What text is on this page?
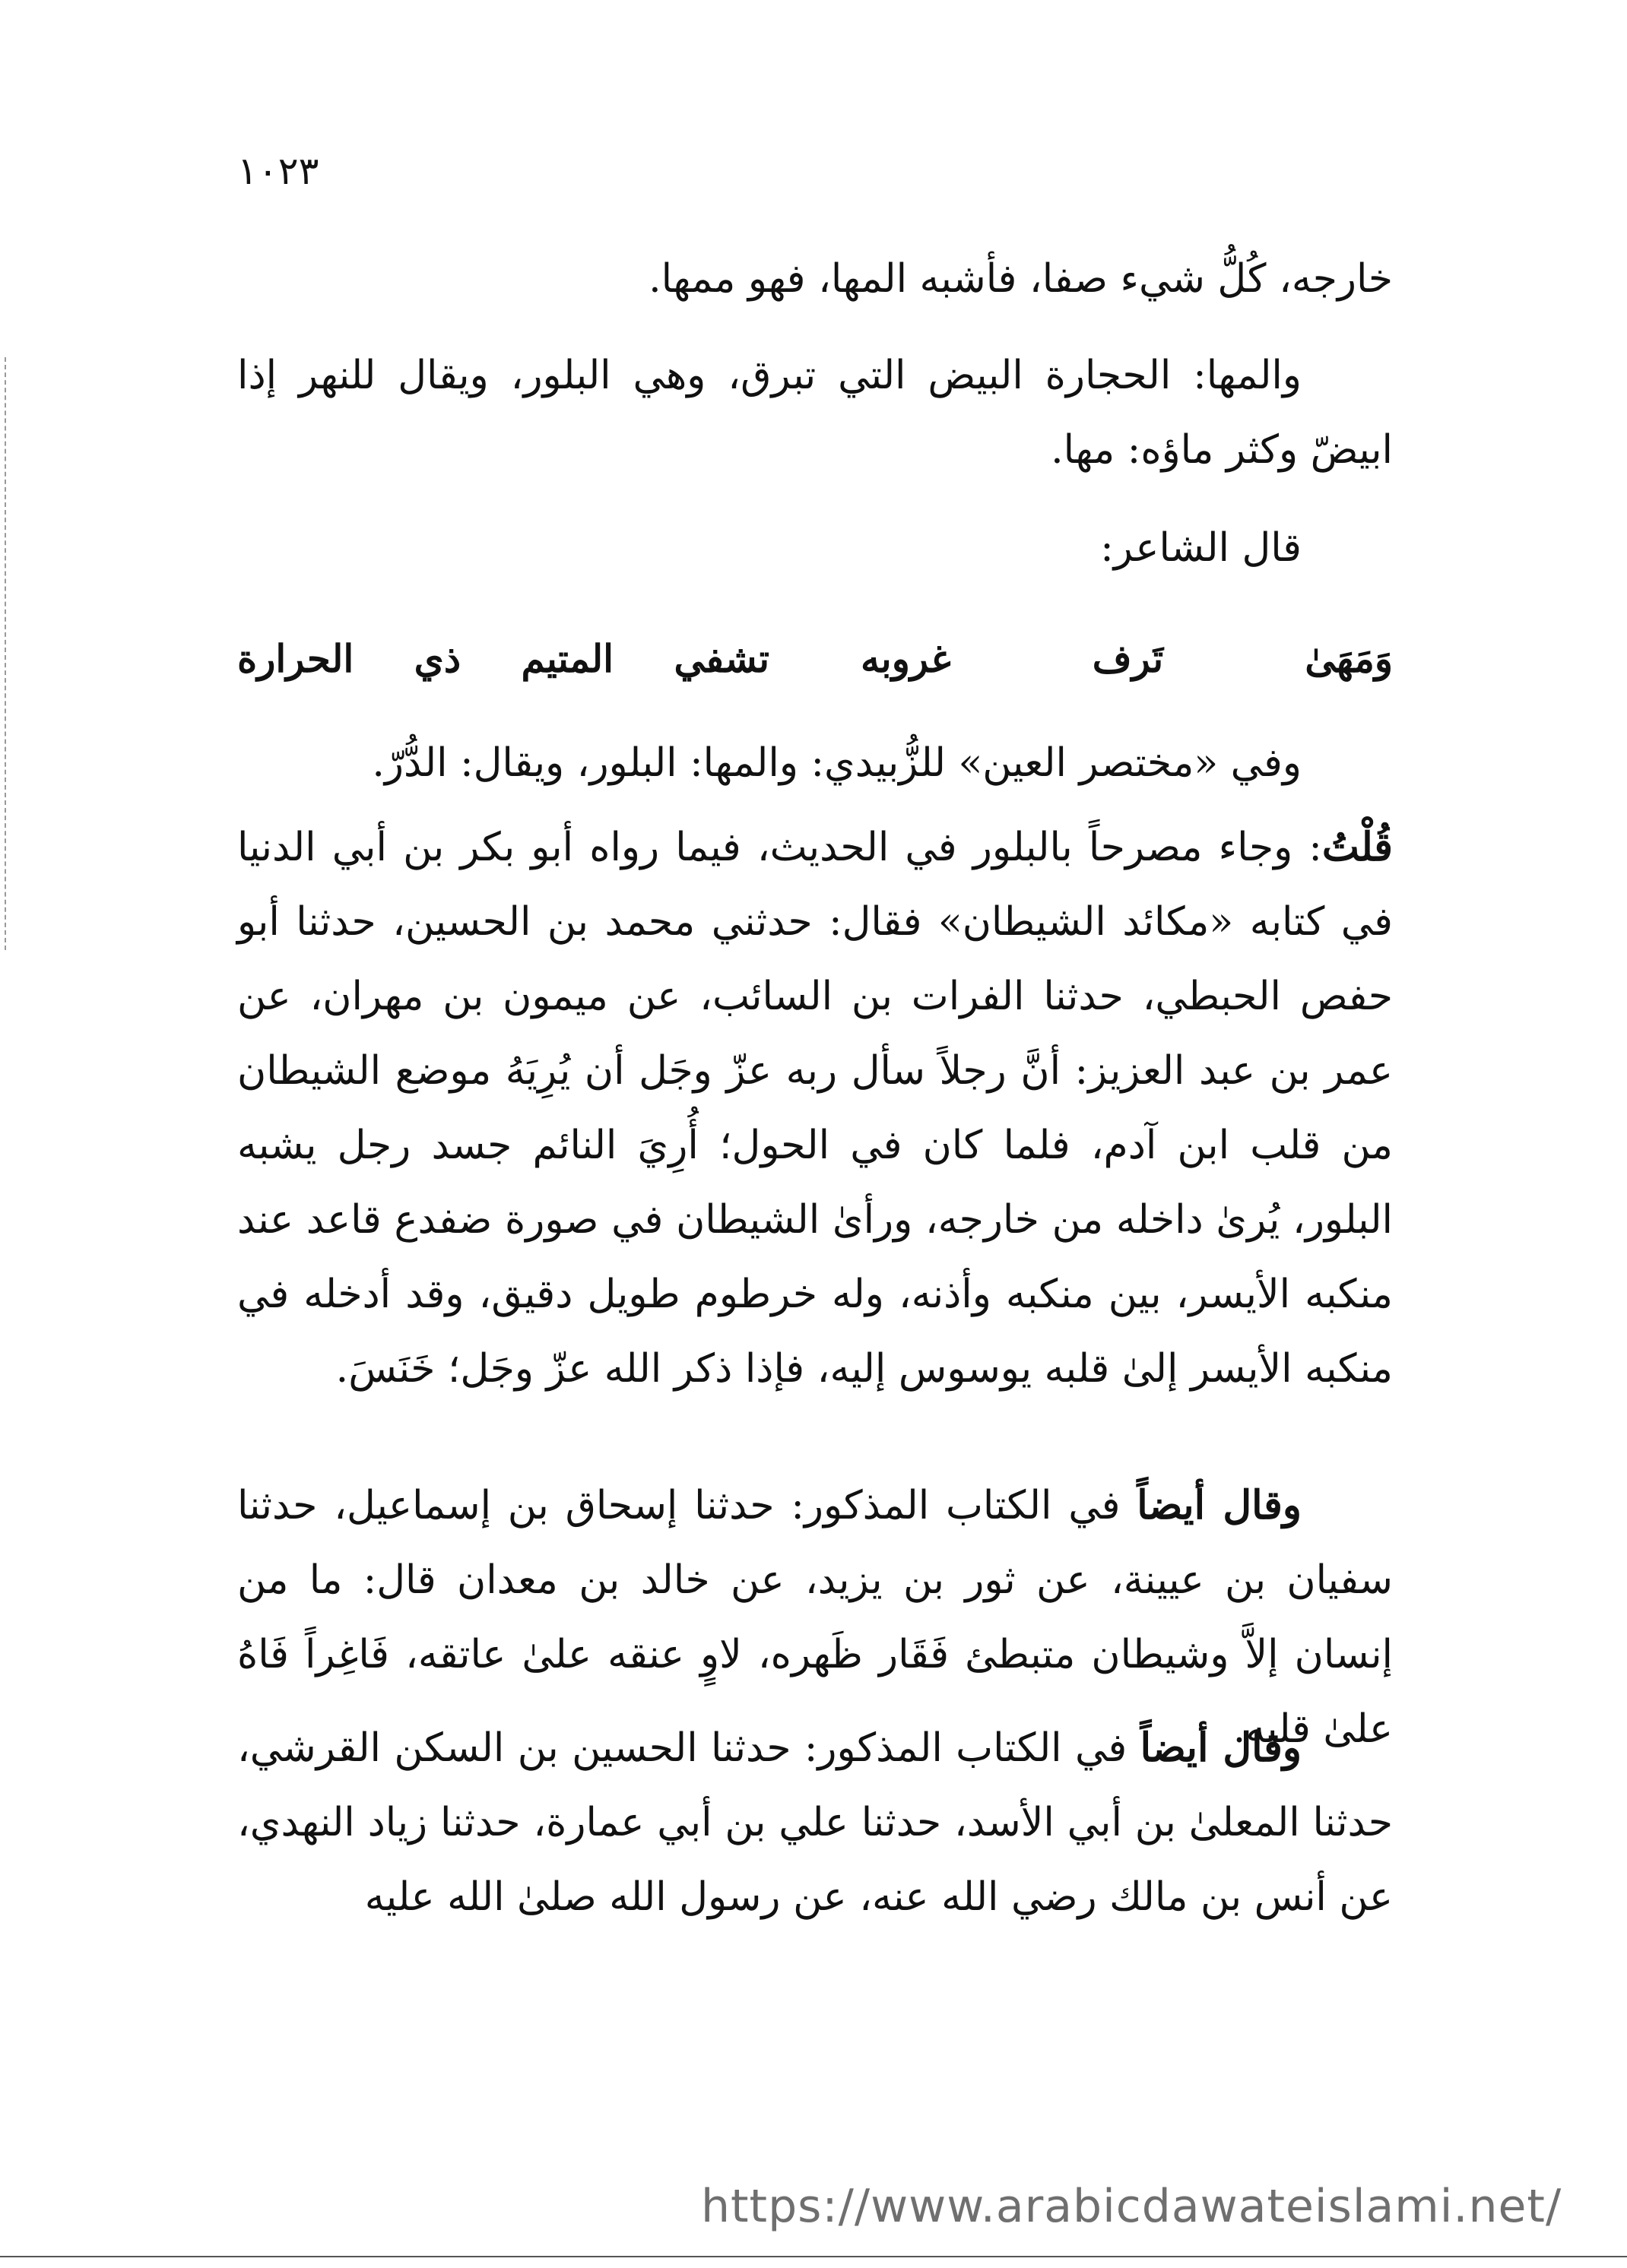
١٠٢٣

خارجه، كُلُّ شيء صفا، فأشبه المها، فهو ممها.

والمها: الحجارة البيض التي تبرق، وهي البلور، ويقال للنهر إذا ابيضّ وكثر ماؤه: مها.

قال الشاعر:

وَمَهَىٰ تَرف غروبه
تشفي المتيم ذي الحرارة

وفي «مختصر العين» للزُّبيدي: والمها: البلور، ويقال: الدُّرّ.

قُلْتُ: وجاء مصرحاً بالبلور في الحديث، فيما رواه أبو بكر بن أبي الدنيا في كتابه «مكائد الشيطان» فقال: حدثني محمد بن الحسين، حدثنا أبو حفص الحبطي، حدثنا الفرات بن السائب، عن ميمون بن مهران، عن عمر بن عبد العزيز: أنَّ رجلاً سأل ربه عزّ وجَل أن يُرِيَهُ موضع الشيطان من قلب ابن آدم، فلما كان في الحول؛ أُرِيَ النائم جسد رجل يشبه البلور، يُرىٰ داخله من خارجه، ورأىٰ الشيطان في صورة ضفدع قاعد عند منكبه الأيسر، بين منكبه وأذنه، وله خرطوم طويل دقيق، وقد أدخله في منكبه الأيسر إلىٰ قلبه يوسوس إليه، فإذا ذكر الله عزّ وجَل؛ خَنَسَ.

وقال أيضاً في الكتاب المذكور: حدثنا إسحاق بن إسماعيل، حدثنا سفيان بن عيينة، عن ثور بن يزيد، عن خالد بن معدان قال: ما من إنسان إلاَّ وشيطان متبطئ فَقَار ظَهره، لاوٍ عنقه علىٰ عاتقه، فَاغِراً فَاهُ علىٰ قلبه.

وقال أيضاً في الكتاب المذكور: حدثنا الحسين بن السكن القرشي، حدثنا المعلىٰ بن أبي الأسد، حدثنا علي بن أبي عمارة، حدثنا زياد النهدي، عن أنس بن مالك رضي الله عنه، عن رسول الله صلىٰ الله عليه

https://www.arabicdawateislami.net/
